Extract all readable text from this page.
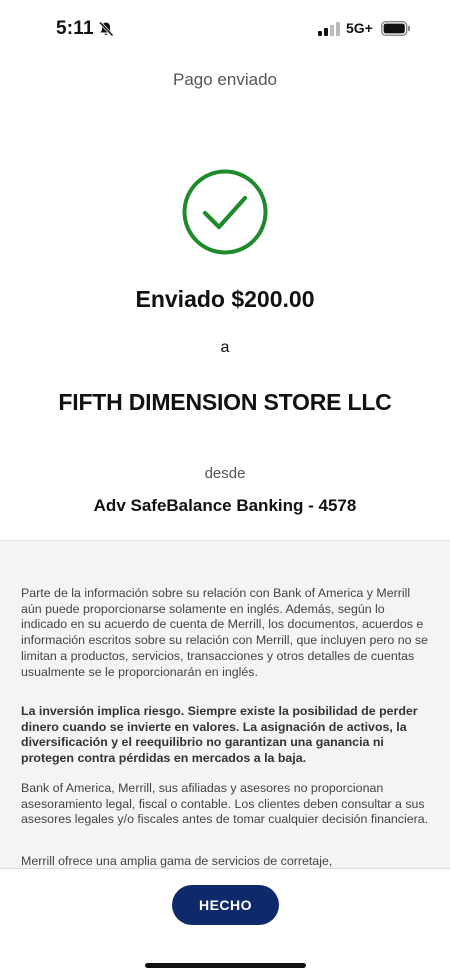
5:11	5G+
Pago enviado
Enviado $200.00
a
FIFTH DIMENSION STORE LLC
desde
Adv SafeBalance Banking - 4578

Parte de la información sobre su relación con Bank of America y Merrill aún puede proporcionarse solamente en inglés. Además, según lo indicado en su acuerdo de cuenta de Merrill, los documentos, acuerdos e información escritos sobre su relación con Merrill, que incluyen pero no se limitan a productos, servicios, transacciones y otros detalles de cuentas usualmente se le proporcionarán en inglés.

La inversión implica riesgo. Siempre existe la posibilidad de perder dinero cuando se invierte en valores. La asignación de activos, la diversificación y el reequilibrio no garantizan una ganancia ni protegen contra pérdidas en mercados a la baja.

Bank of America, Merrill, sus afiliadas y asesores no proporcionan asesoramiento legal, fiscal o contable. Los clientes deben consultar a sus asesores legales y/o fiscales antes de tomar cualquier decisión financiera.

Merrill ofrece una amplia gama de servicios de corretaje,

HECHO
